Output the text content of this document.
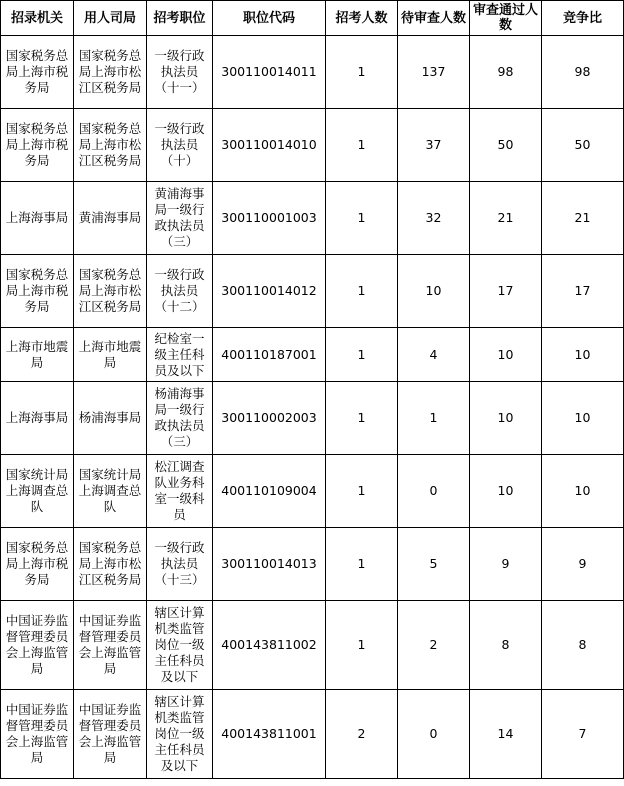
招录机关	用人司局	招考职位	职位代码	招考人数	待审查人数	审查通过人数	竞争比
国家税务总局上海市税务局	国家税务总局上海市松江区税务局	一级行政执法员（十一）	300110014011	1	137	98	98
国家税务总局上海市税务局	国家税务总局上海市松江区税务局	一级行政执法员（十）	300110014010	1	37	50	50
上海海事局	黄浦海事局	黄浦海事局一级行政执法员（三）	300110001003	1	32	21	21
国家税务总局上海市税务局	国家税务总局上海市松江区税务局	一级行政执法员（十二）	300110014012	1	10	17	17
上海市地震局	上海市地震局	纪检室一级主任科员及以下	400110187001	1	4	10	10
上海海事局	杨浦海事局	杨浦海事局一级行政执法员（三）	300110002003	1	1	10	10
国家统计局上海调查总队	国家统计局上海调查总队	松江调查队业务科室一级科员	400110109004	1	0	10	10
国家税务总局上海市税务局	国家税务总局上海市松江区税务局	一级行政执法员（十三）	300110014013	1	5	9	9
中国证券监督管理委员会上海监管局	中国证券监督管理委员会上海监管局	辖区计算机类监管岗位一级主任科员及以下	400143811002	1	2	8	8
中国证券监督管理委员会上海监管局	中国证券监督管理委员会上海监管局	辖区计算机类监管岗位一级主任科员及以下	400143811001	2	0	14	7
